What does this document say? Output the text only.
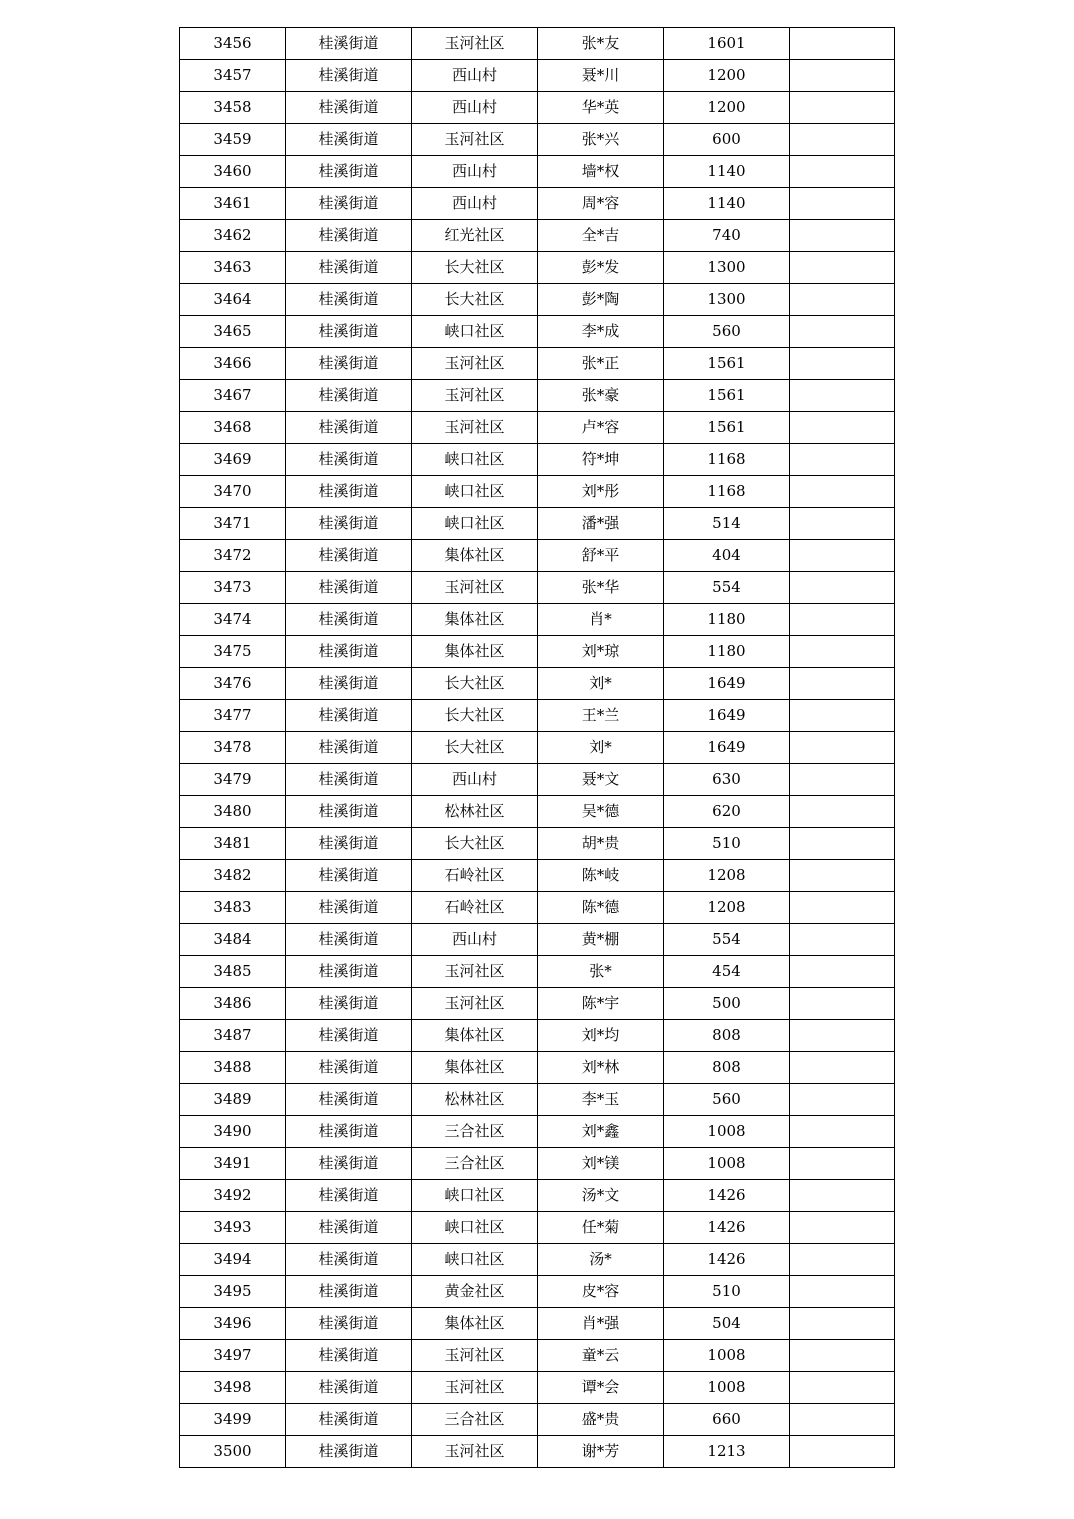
3456	桂溪街道	玉河社区	张*友	1601	
3457	桂溪街道	西山村	聂*川	1200	
3458	桂溪街道	西山村	华*英	1200	
3459	桂溪街道	玉河社区	张*兴	600	
3460	桂溪街道	西山村	墙*权	1140	
3461	桂溪街道	西山村	周*容	1140	
3462	桂溪街道	红光社区	全*吉	740	
3463	桂溪街道	长大社区	彭*发	1300	
3464	桂溪街道	长大社区	彭*陶	1300	
3465	桂溪街道	峡口社区	李*成	560	
3466	桂溪街道	玉河社区	张*正	1561	
3467	桂溪街道	玉河社区	张*豪	1561	
3468	桂溪街道	玉河社区	卢*容	1561	
3469	桂溪街道	峡口社区	符*坤	1168	
3470	桂溪街道	峡口社区	刘*彤	1168	
3471	桂溪街道	峡口社区	潘*强	514	
3472	桂溪街道	集体社区	舒*平	404	
3473	桂溪街道	玉河社区	张*华	554	
3474	桂溪街道	集体社区	肖*	1180	
3475	桂溪街道	集体社区	刘*琼	1180	
3476	桂溪街道	长大社区	刘*	1649	
3477	桂溪街道	长大社区	王*兰	1649	
3478	桂溪街道	长大社区	刘*	1649	
3479	桂溪街道	西山村	聂*文	630	
3480	桂溪街道	松林社区	吴*德	620	
3481	桂溪街道	长大社区	胡*贵	510	
3482	桂溪街道	石岭社区	陈*岐	1208	
3483	桂溪街道	石岭社区	陈*德	1208	
3484	桂溪街道	西山村	黄*棚	554	
3485	桂溪街道	玉河社区	张*	454	
3486	桂溪街道	玉河社区	陈*宇	500	
3487	桂溪街道	集体社区	刘*均	808	
3488	桂溪街道	集体社区	刘*林	808	
3489	桂溪街道	松林社区	李*玉	560	
3490	桂溪街道	三合社区	刘*鑫	1008	
3491	桂溪街道	三合社区	刘*镁	1008	
3492	桂溪街道	峡口社区	汤*文	1426	
3493	桂溪街道	峡口社区	任*菊	1426	
3494	桂溪街道	峡口社区	汤*	1426	
3495	桂溪街道	黄金社区	皮*容	510	
3496	桂溪街道	集体社区	肖*强	504	
3497	桂溪街道	玉河社区	童*云	1008	
3498	桂溪街道	玉河社区	谭*会	1008	
3499	桂溪街道	三合社区	盛*贵	660	
3500	桂溪街道	玉河社区	谢*芳	1213	
